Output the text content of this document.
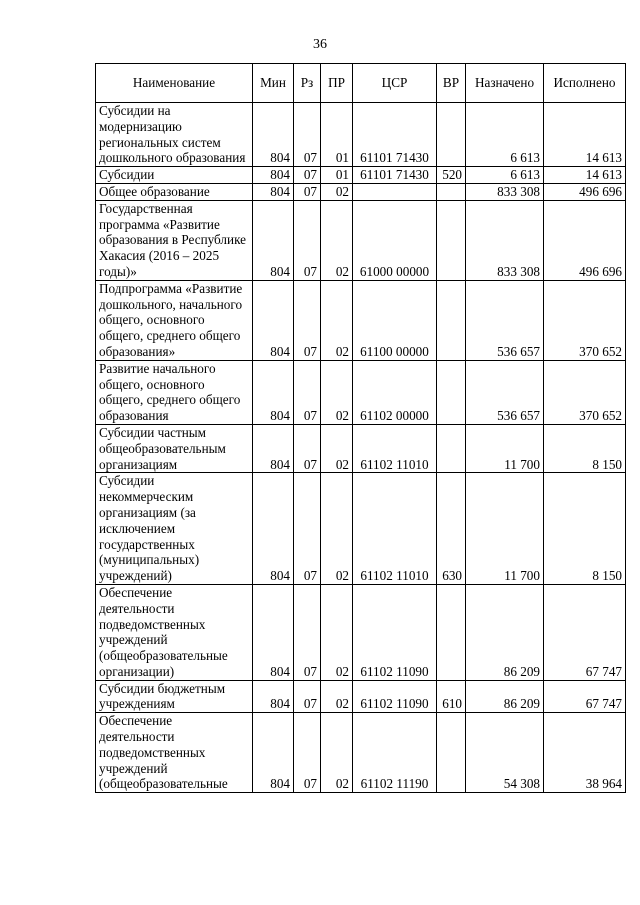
36
Наименование	Мин	Рз	ПР	ЦСР	ВР	Назначено	Исполнено
Субсидии на модернизацию региональных систем дошкольного образования	804	07	01	61101 71430		6 613	14 613
Субсидии	804	07	01	61101 71430	520	6 613	14 613
Общее образование	804	07	02			833 308	496 696
Государственная программа «Развитие образования в Республике Хакасия (2016 – 2025 годы)»	804	07	02	61000 00000		833 308	496 696
Подпрограмма «Развитие дошкольного, начального общего, основного общего, среднего общего образования»	804	07	02	61100 00000		536 657	370 652
Развитие начального общего, основного общего, среднего общего образования	804	07	02	61102 00000		536 657	370 652
Субсидии частным общеобразовательным организациям	804	07	02	61102 11010		11 700	8 150
Субсидии некоммерческим организациям (за исключением государственных (муниципальных) учреждений)	804	07	02	61102 11010	630	11 700	8 150
Обеспечение деятельности подведомственных учреждений (общеобразовательные организации)	804	07	02	61102 11090		86 209	67 747
Субсидии бюджетным учреждениям	804	07	02	61102 11090	610	86 209	67 747
Обеспечение деятельности подведомственных учреждений (общеобразовательные	804	07	02	61102 11190		54 308	38 964
